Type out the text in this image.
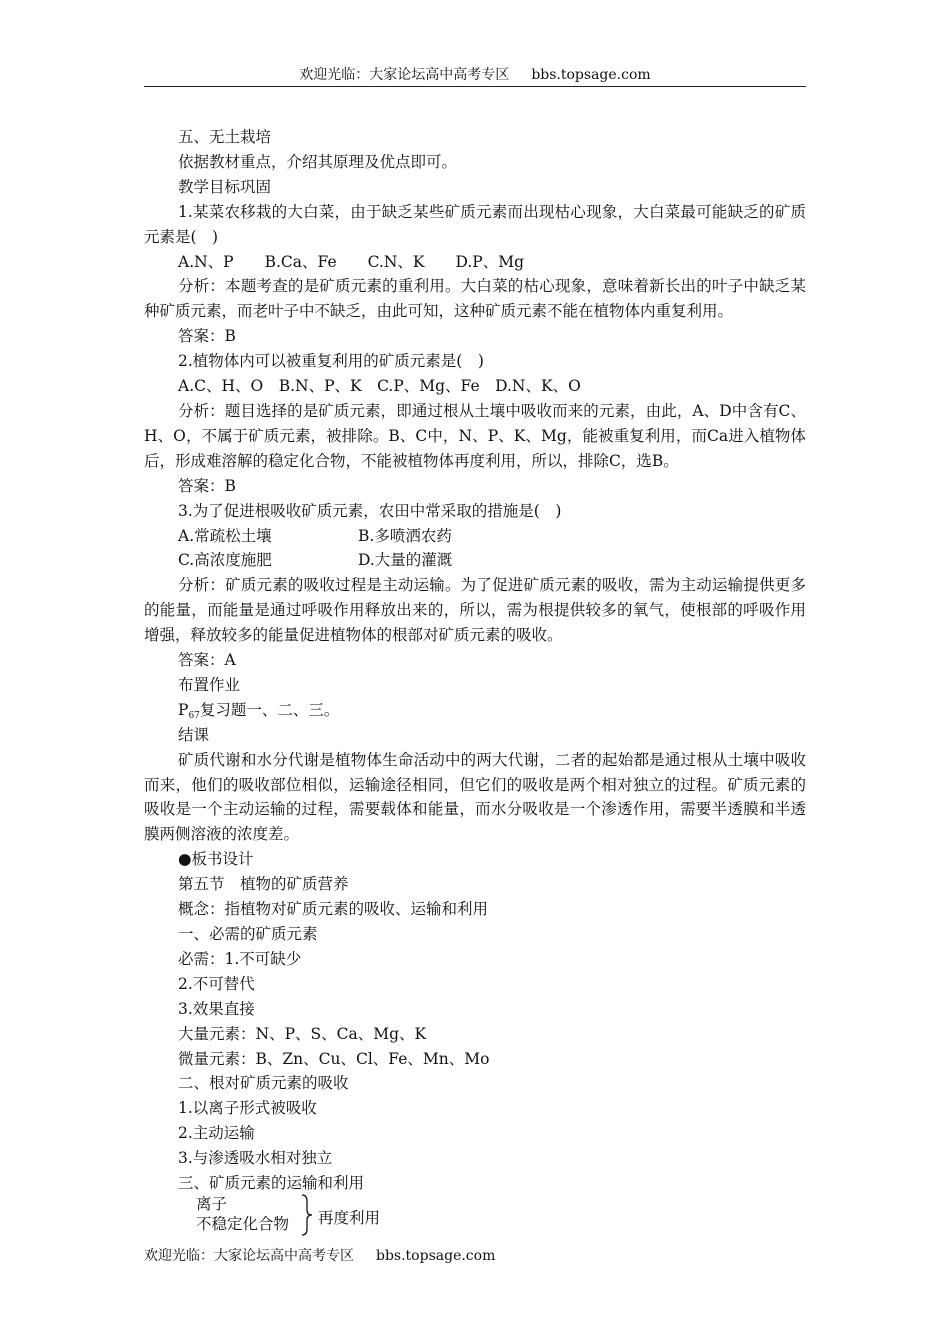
欢迎光临：大家论坛高中高考专区 bbs.topsage.com

五、无土栽培

依据教材重点，介绍其原理及优点即可。

教学目标巩固

1.某菜农移栽的大白菜，由于缺乏某些矿质元素而出现枯心现象，大白菜最可能缺乏的矿质元素是(　)

A.N、P　　B.Ca、Fe　　C.N、K　　D.P、Mg

分析：本题考查的是矿质元素的重利用。大白菜的枯心现象，意味着新长出的叶子中缺乏某种矿质元素，而老叶子中不缺乏，由此可知，这种矿质元素不能在植物体内重复利用。

答案：B

2.植物体内可以被重复利用的矿质元素是(　)

A.C、H、O　B.N、P、K　C.P、Mg、Fe　D.N、K、O

分析：题目选择的是矿质元素，即通过根从土壤中吸收而来的元素，由此，A、D中含有C、H、O，不属于矿质元素，被排除。B、C中，N、P、K、Mg，能被重复利用，而Ca进入植物体后，形成难溶解的稳定化合物，不能被植物体再度利用，所以，排除C，选B。

答案：B

3.为了促进根吸收矿质元素，农田中常采取的措施是(　)

A.常疏松土壤	B.多喷洒农药
C.高浓度施肥	D.大量的灌溉

分析：矿质元素的吸收过程是主动运输。为了促进矿质元素的吸收，需为主动运输提供更多的能量，而能量是通过呼吸作用释放出来的，所以，需为根提供较多的氧气，使根部的呼吸作用增强，释放较多的能量促进植物体的根部对矿质元素的吸收。

答案：A

布置作业

$P_{67}$复习题一、二、三。

结课

矿质代谢和水分代谢是植物体生命活动中的两大代谢，二者的起始都是通过根从土壤中吸收而来，他们的吸收部位相似，运输途径相同，但它们的吸收是两个相对独立的过程。矿质元素的吸收是一个主动运输的过程，需要载体和能量，而水分吸收是一个渗透作用，需要半透膜和半透膜两侧溶液的浓度差。

●板书设计

第五节　植物的矿质营养

概念：指植物对矿质元素的吸收、运输和利用

一、必需的矿质元素

必需：1.不可缺少

2.不可替代

3.效果直接

大量元素：N、P、S、Ca、Mg、K

微量元素：B、Zn、Cu、Cl、Fe、Mn、Mo

二、根对矿质元素的吸收

1.以离子形式被吸收

2.主动运输

3.与渗透吸水相对独立

三、矿质元素的运输和利用

离子
不稳定化合物 再度利用
欢迎光临：大家论坛高中高考专区 bbs.topsage.com
